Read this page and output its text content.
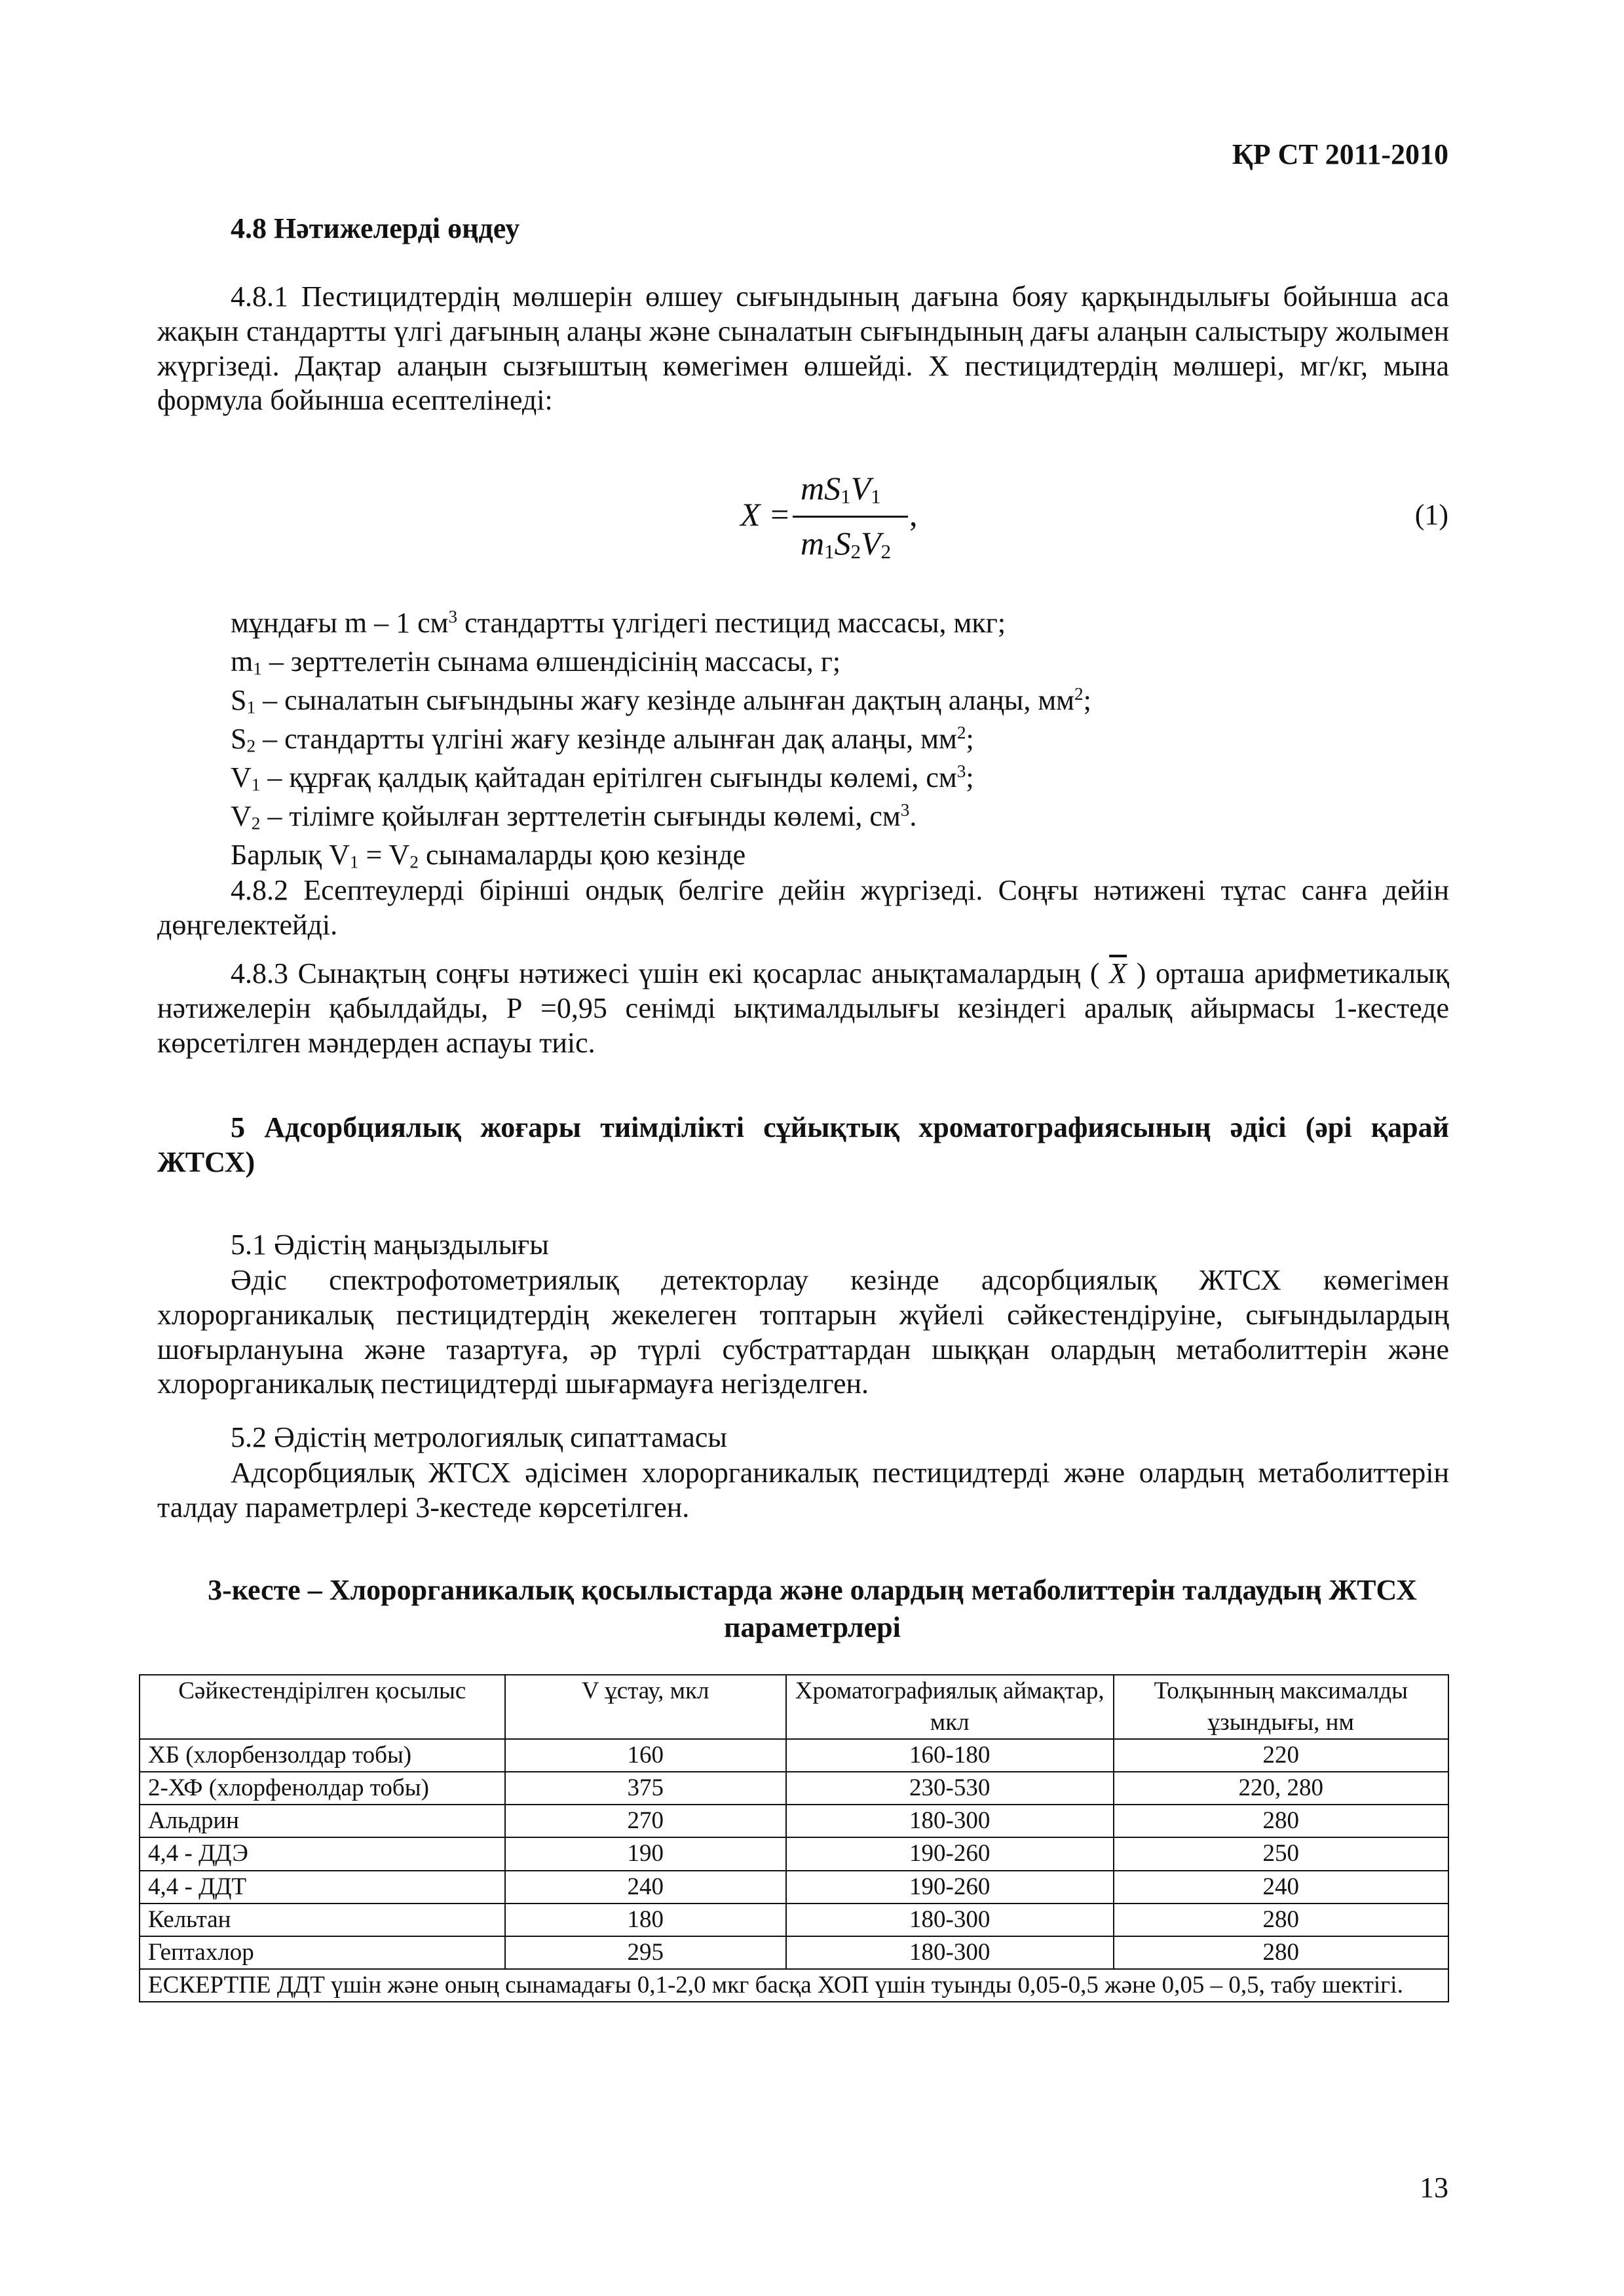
ҚР СТ 2011-2010
4.8 Нәтижелерді өңдеу
4.8.1 Пестицидтердің мөлшерін өлшеу сығындының дағына бояу қарқындылығы бойынша аса жақын стандартты үлгі дағының алаңы және сыналатын сығындының дағы алаңын салыстыру жолымен жүргізеді. Дақтар алаңын сызғыштың көмегімен өлшейді. Х пестицидтердің мөлшері, мг/кг, мына формула бойынша есептелінеді:
X =
$mS_1V_1$
$m_1S_2V_2$
,	(1)
мұндағы m – 1 $см^3$ стандартты үлгідегі пестицид массасы, мкг;
$m_1$ – зерттелетін сынама өлшендісінің массасы, г;
$S_1$ – сыналатын сығындыны жағу кезінде алынған дақтың алаңы, $мм^2$;
$S_2$ – стандартты үлгіні жағу кезінде алынған дақ алаңы, $мм^2$;
$V_1$ – құрғақ қалдық қайтадан ерітілген сығынды көлемі, $см^3$;
$V_2$ – тілімге қойылған зерттелетін сығынды көлемі, $см^3$.
Барлық $V_1 = V_2$ сынамаларды қою кезінде
4.8.2 Есептеулерді бірінші ондық белгіге дейін жүргізеді. Соңғы нәтижені тұтас санға дейін дөңгелектейді.
4.8.3 Сынақтың соңғы нәтижесі үшін екі қосарлас анықтамалардың ( $\overline{X}$ ) орташа арифметикалық нәтижелерін қабылдайды, Р =0,95 сенімді ықтималдылығы кезіндегі аралық айырмасы 1-кестеде көрсетілген мәндерден аспауы тиіс.
5 Адсорбциялық жоғары тиімділікті сұйықтық хроматографиясының әдісі (әрі қарай ЖТСХ)
5.1 Әдістің маңыздылығы
Әдіс спектрофотометриялық детекторлау кезінде адсорбциялық ЖТСХ көмегімен хлорорганикалық пестицидтердің жекелеген топтарын жүйелі сәйкестендіруіне, сығындылардың шоғырлануына және тазартуға, әр түрлі субстраттардан шыққан олардың метаболиттерін және хлорорганикалық пестицидтерді шығармауға негізделген.
5.2 Әдістің метрологиялық сипаттамасы
Адсорбциялық ЖТСХ әдісімен хлорорганикалық пестицидтерді және олардың метаболиттерін талдау параметрлері 3-кестеде көрсетілген.
3-кесте – Хлорорганикалық қосылыстарда және олардың метаболиттерін талдаудың ЖТСХ параметрлері
Сәйкестендірілген қосылыс	V ұстау, мкл	Хроматографиялық аймақтар, мкл	Толқынның максималды ұзындығы, нм
ХБ (хлорбензолдар тобы)	160	160-180	220
2-ХФ (хлорфенолдар тобы)	375	230-530	220, 280
Альдрин	270	180-300	280
4,4 - ДДЭ	190	190-260	250
4,4 - ДДТ	240	190-260	240
Кельтан	180	180-300	280
Гептахлор	295	180-300	280
ЕСКЕРТПЕ ДДТ үшін және оның сынамадағы 0,1-2,0 мкг басқа ХОП үшін туынды 0,05-0,5 және 0,05 – 0,5, табу шектігі.			
13
